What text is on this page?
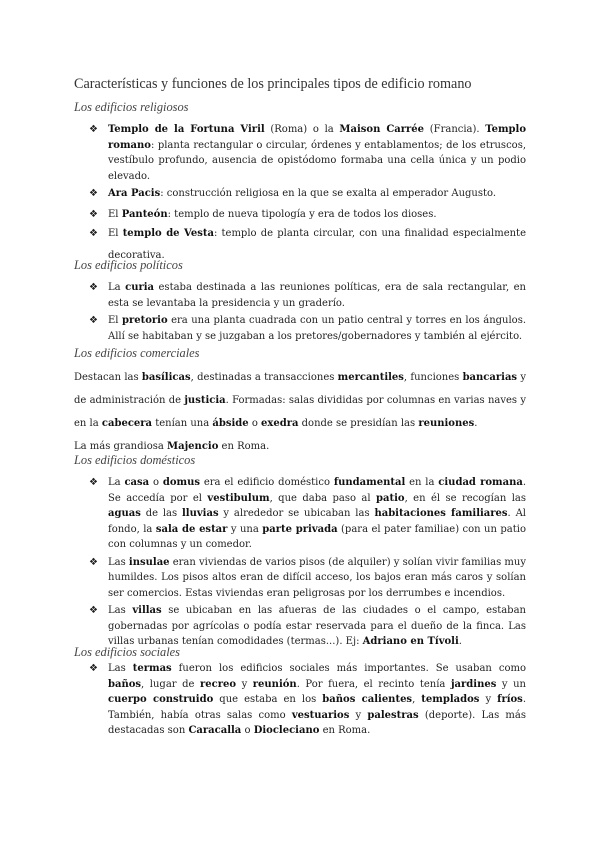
Características y funciones de los principales tipos de edificio romano
Los edificios religiosos
❖ Templo de la Fortuna Viril (Roma) o la Maison Carrée (Francia). Templo romano: planta rectangular o circular, órdenes y entablamentos; de los etruscos, vestíbulo profundo, ausencia de opistódomo formaba una cella única y un podio elevado.
❖ Ara Pacis: construcción religiosa en la que se exalta al emperador Augusto.
❖ El Panteón: templo de nueva tipología y era de todos los dioses.
❖ El templo de Vesta: templo de planta circular, con una finalidad especialmente decorativa.
Los edificios políticos
❖ La curia estaba destinada a las reuniones políticas, era de sala rectangular, en esta se levantaba la presidencia y un graderío.
❖ El pretorio era una planta cuadrada con un patio central y torres en los ángulos. Allí se habitaban y se juzgaban a los pretores/gobernadores y también al ejército.
Los edificios comerciales

Destacan las basílicas, destinadas a transacciones mercantiles, funciones bancarias y de administración de justicia. Formadas: salas divididas por columnas en varias naves y en la cabecera tenían una ábside o exedra donde se presidían las reuniones.

La más grandiosa Majencio en Roma.

Los edificios domésticos
❖ La casa o domus era el edificio doméstico fundamental en la ciudad romana. Se accedía por el vestibulum, que daba paso al patio, en él se recogían las aguas de las lluvias y alrededor se ubicaban las habitaciones familiares. Al fondo, la sala de estar y una parte privada (para el pater familiae) con un patio con columnas y un comedor.
❖ Las insulae eran viviendas de varios pisos (de alquiler) y solían vivir familias muy humildes. Los pisos altos eran de difícil acceso, los bajos eran más caros y solían ser comercios. Estas viviendas eran peligrosas por los derrumbes e incendios.
❖ Las villas se ubicaban en las afueras de las ciudades o el campo, estaban gobernadas por agrícolas o podía estar reservada para el dueño de la finca. Las villas urbanas tenían comodidades (termas...). Ej: Adriano en Tívoli.
Los edificios sociales
❖ Las termas fueron los edificios sociales más importantes. Se usaban como baños, lugar de recreo y reunión. Por fuera, el recinto tenía jardines y un cuerpo construido que estaba en los baños calientes, templados y fríos. También, había otras salas como vestuarios y palestras (deporte). Las más destacadas son Caracalla o Diocleciano en Roma.
